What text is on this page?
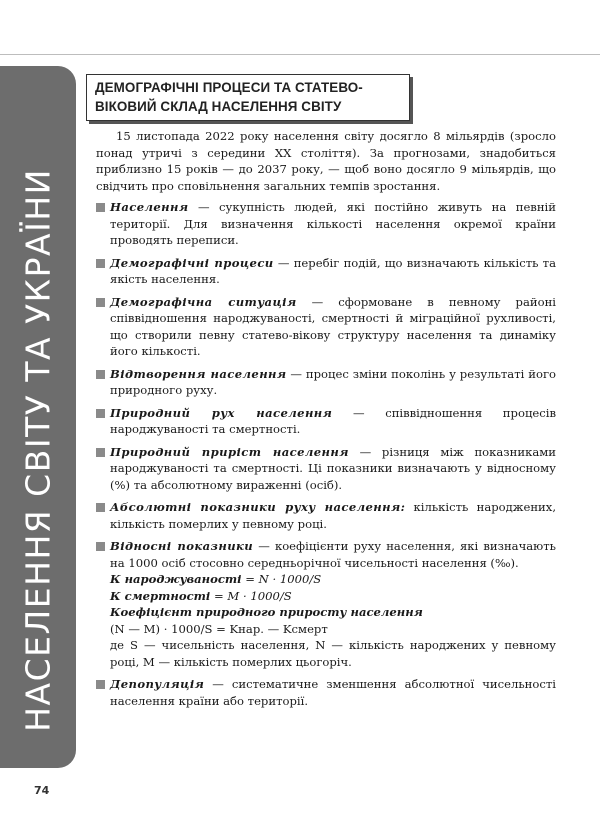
НАСЕЛЕННЯ СВІТУ ТА УКРАЇНИ
74
ДЕМОГРАФІЧНІ ПРОЦЕСИ ТА СТАТЕВО-ВІКОВИЙ СКЛАД НАСЕЛЕННЯ СВІТУ

15 листопада 2022 року населення світу досягло 8 мільярдів (зросло понад утричі з середини ХХ століття). За прогнозами, знадобиться приблизно 15 років — до 2037 року, — щоб воно досягло 9 мільярдів, що свідчить про сповільнення загальних темпів зростання.

Населення — сукупність людей, які постійно живуть на певній території. Для визначення кількості населення окремої країни проводять переписи.
Демографічні процеси — перебіг подій, що визначають кількість та якість населення.
Демографічна ситуація — сформоване в певному районі співвідношення народжуваності, смертності й міграційної рухливості, що створили певну статево-вікову структуру населення та динаміку його кількості.
Відтворення населення — процес зміни поколінь у результаті його природного руху.
Природний рух населення — співвідношення процесів народжуваності та смертності.
Природний приріст населення — різниця між показниками народжуваності та смертності. Ці показники визначають у відносному (%) та абсолютному вираженні (осіб).
Абсолютні показники руху населення: кількість народжених, кількість померлих у певному році.
Відносні показники — коефіцієнти руху населення, які визначають на 1000 осіб стосовно середньорічної чисельності населення (‰).
К народжуваності = N · 1000/S
К смертності = M · 1000/S
Коефіцієнт природного приросту населення
(N — M) · 1000/S = Kнар. — Kсмерт
де S — чисельність населення, N — кількість народжених у певному році, M — кількість померлих цьогоріч.
Депопуляція — систематичне зменшення абсолютної чисельності населення країни або території.
